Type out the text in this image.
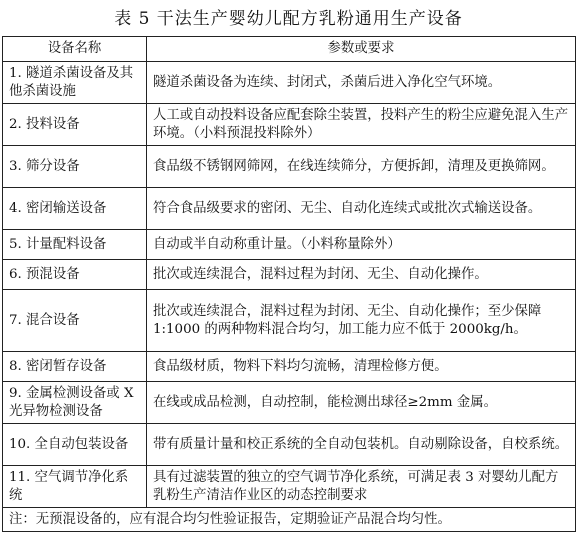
表 5 干法生产婴幼儿配方乳粉通用生产设备
设备名称	参数或要求
1. 隧道杀菌设备及其他杀菌设施	隧道杀菌设备为连续、封闭式，杀菌后进入净化空气环境。
2. 投料设备	人工或自动投料设备应配套除尘装置，投料产生的粉尘应避免混入生产环境。（小料预混投料除外）
3. 筛分设备	食品级不锈钢网筛网，在线连续筛分，方便拆卸，清理及更换筛网。
4. 密闭输送设备	符合食品级要求的密闭、无尘、自动化连续式或批次式输送设备。
5. 计量配料设备	自动或半自动称重计量。（小料称量除外）
6. 预混设备	批次或连续混合，混料过程为封闭、无尘、自动化操作。
7. 混合设备	批次或连续混合，混料过程为封闭、无尘、自动化操作；至少保障 1:1000 的两种物料混合均匀，加工能力应不低于 2000kg/h。
8. 密闭暂存设备	食品级材质，物料下料均匀流畅，清理检修方便。
9. 金属检测设备或 X 光异物检测设备	在线或成品检测，自动控制，能检测出球径≥2mm 金属。
10. 全自动包装设备	带有质量计量和校正系统的全自动包装机。自动剔除设备，自校系统。
11. 空气调节净化系统	具有过滤装置的独立的空气调节净化系统，可满足表 3 对婴幼儿配方乳粉生产清洁作业区的动态控制要求
注：无预混设备的，应有混合均匀性验证报告，定期验证产品混合均匀性。	
